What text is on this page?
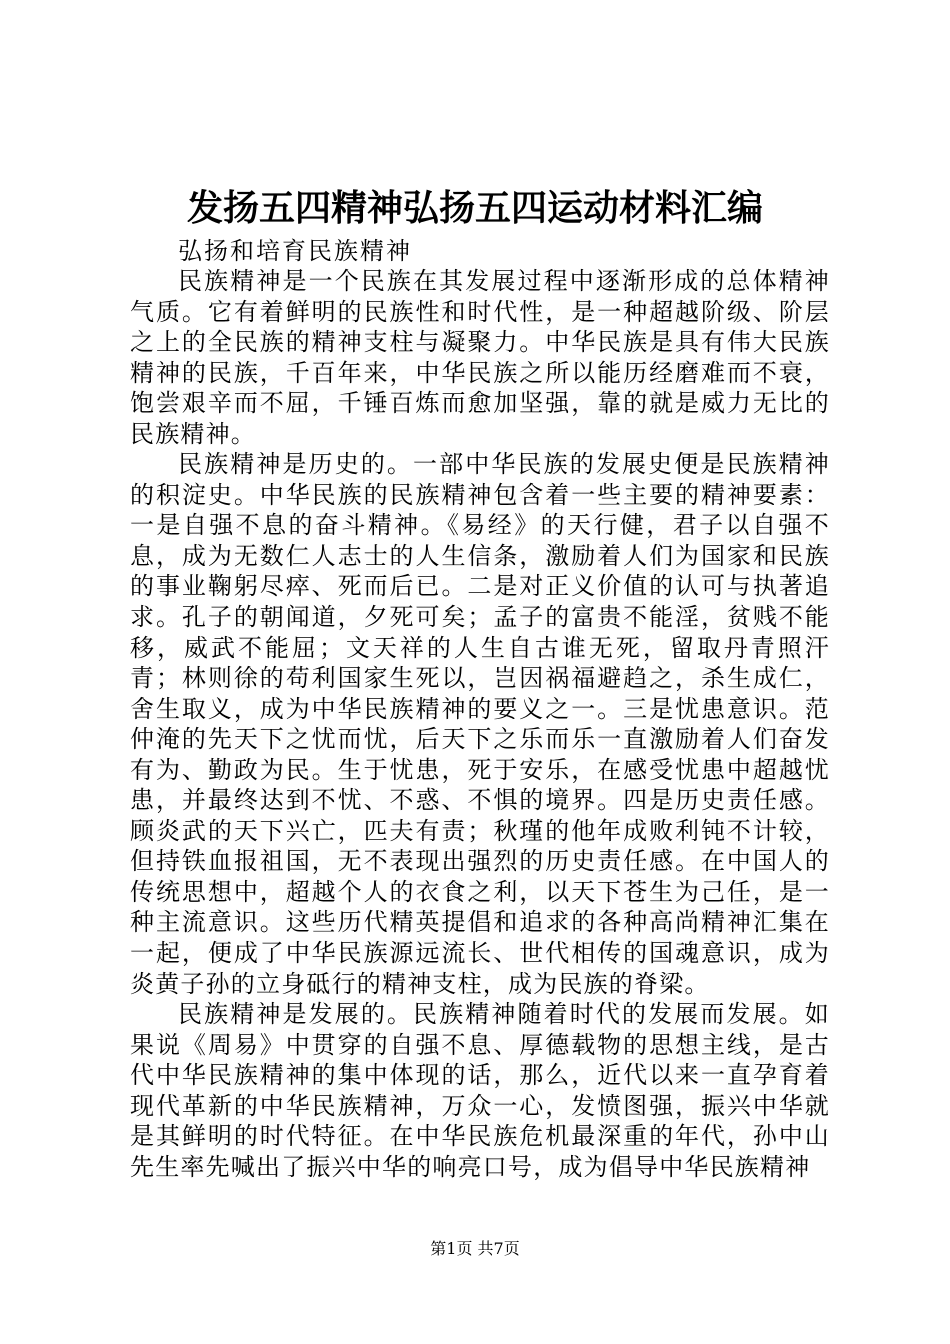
发扬五四精神弘扬五四运动材料汇编
弘扬和培育民族精神

民族精神是一个民族在其发展过程中逐渐形成的总体精神气质。它有着鲜明的民族性和时代性，是一种超越阶级、阶层之上的全民族的精神支柱与凝聚力。中华民族是具有伟大民族精神的民族，千百年来，中华民族之所以能历经磨难而不衰，饱尝艰辛而不屈，千锤百炼而愈加坚强，靠的就是威力无比的民族精神。

民族精神是历史的。一部中华民族的发展史便是民族精神的积淀史。中华民族的民族精神包含着一些主要的精神要素：一是自强不息的奋斗精神。《易经》的天行健，君子以自强不息，成为无数仁人志士的人生信条，激励着人们为国家和民族的事业鞠躬尽瘁、死而后已。二是对正义价值的认可与执著追求。孔子的朝闻道，夕死可矣；孟子的富贵不能淫，贫贱不能移，威武不能屈；文天祥的人生自古谁无死，留取丹青照汗青；林则徐的苟利国家生死以，岂因祸福避趋之，杀生成仁，舍生取义，成为中华民族精神的要义之一。三是忧患意识。范仲淹的先天下之忧而忧，后天下之乐而乐一直激励着人们奋发有为、勤政为民。生于忧患，死于安乐，在感受忧患中超越忧患，并最终达到不忧、不惑、不惧的境界。四是历史责任感。顾炎武的天下兴亡，匹夫有责；秋瑾的他年成败利钝不计较，但持铁血报祖国，无不表现出强烈的历史责任感。在中国人的传统思想中，超越个人的衣食之利，以天下苍生为己任，是一种主流意识。这些历代精英提倡和追求的各种高尚精神汇集在一起，便成了中华民族源远流长、世代相传的国魂意识，成为炎黄子孙的立身砥行的精神支柱，成为民族的脊梁。

民族精神是发展的。民族精神随着时代的发展而发展。如果说《周易》中贯穿的自强不息、厚德载物的思想主线，是古代中华民族精神的集中体现的话，那么，近代以来一直孕育着现代革新的中华民族精神，万众一心，发愤图强，振兴中华就是其鲜明的时代特征。在中华民族危机最深重的年代，孙中山先生率先喊出了振兴中华的响亮口号，成为倡导中华民族精神

第1页 共7页
